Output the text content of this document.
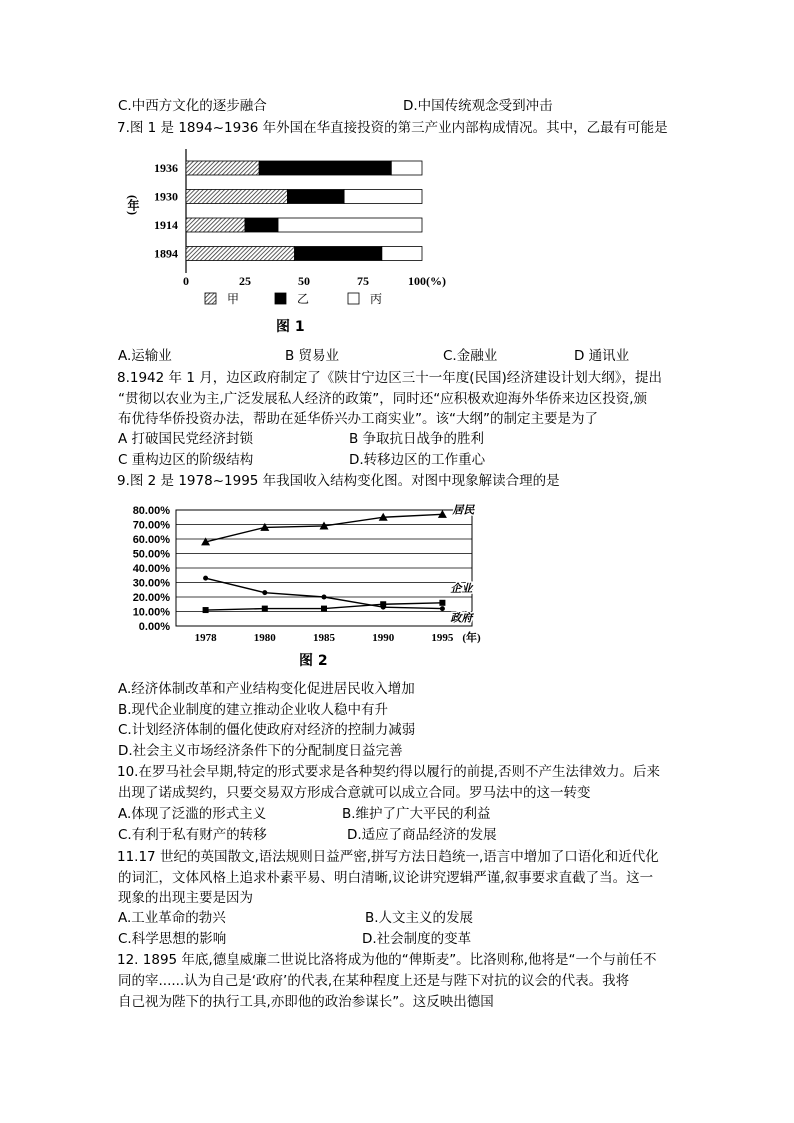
C.中西方文化的逐步融合	D.中国传统观念受到冲击
7.图 1 是 1894~1936 年外国在华直接投资的第三产业内部构成情况。其中，乙最有可能是
1936
1930
1914
1894
0	25	50	75	100(%)
(年)
甲	乙	丙
图 1
A.运输业	B 贸易业	C.金融业	D 通讯业
8.1942 年 1 月，边区政府制定了《陕甘宁边区三十一年度(民国)经济建设计划大纲》，提出
“贯彻以农业为主,广泛发展私人经济的政策”，同时还“应积极欢迎海外华侨来边区投资,颁
布优待华侨投资办法，帮助在延华侨兴办工商实业”。该“大纲”的制定主要是为了
A 打破国民党经济封锁	B 争取抗日战争的胜利
C 重构边区的阶级结构	D.转移边区的工作重心
9.图 2 是 1978~1995 年我国收入结构变化图。对图中现象解读合理的是
80.00%
70.00%
60.00%
50.00%
40.00%
30.00%
20.00%
10.00%
0.00%
1978	1980	1985	1990	1995 (年)
居民
企业
政府
图 2
A.经济体制改革和产业结构变化促进居民收入增加
B.现代企业制度的建立推动企业收人稳中有升
C.计划经济体制的僵化使政府对经济的控制力减弱
D.社会主义市场经济条件下的分配制度日益完善
10.在罗马社会早期,特定的形式要求是各种契约得以履行的前提,否则不产生法律效力。后来
出现了诺成契约，只要交易双方形成合意就可以成立合同。罗马法中的这一转变
A.体现了泛滥的形式主义	B.维护了广大平民的利益
C.有利于私有财产的转移	D.适应了商品经济的发展
11.17 世纪的英国散文,语法规则日益严密,拼写方法日趋统一,语言中增加了口语化和近代化
的词汇，文体风格上追求朴素平易、明白清晰,议论讲究逻辑严谨,叙事要求直截了当。这一
现象的出现主要是因为
A.工业革命的勃兴	B.人文主义的发展
C.科学思想的影响	D.社会制度的变革
12. 1895 年底,德皇威廉二世说比洛将成为他的“俾斯麦”。比洛则称,他将是“一个与前任不
同的宰......认为自己是‘政府’的代表,在某种程度上还是与陛下对抗的议会的代表。我将
自己视为陛下的执行工具,亦即他的政治参谋长”。这反映出德国
